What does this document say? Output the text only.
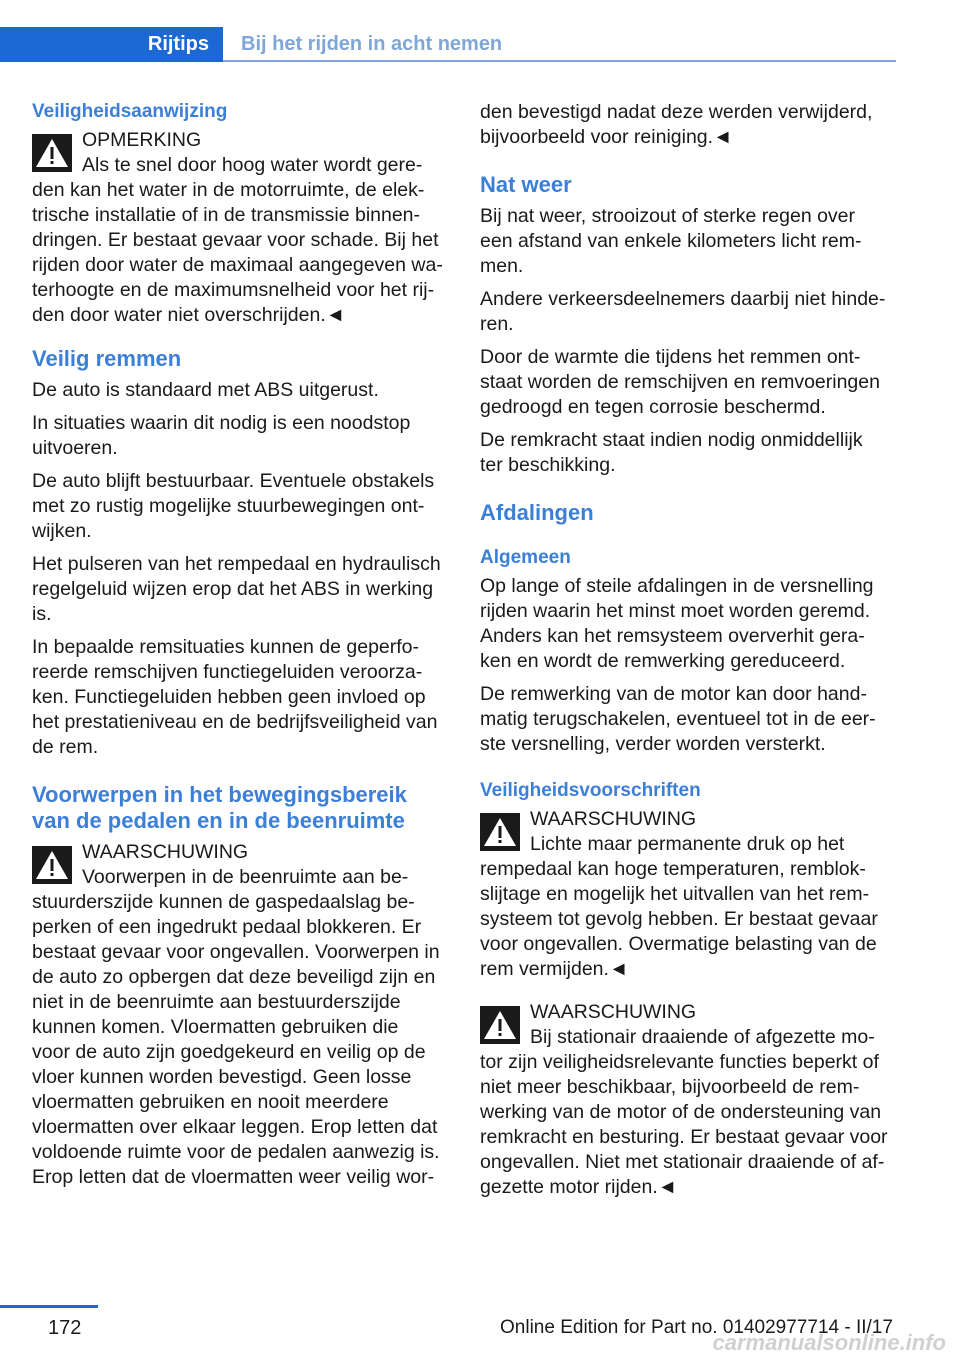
Rijtips	Bij het rijden in acht nemen
Veiligheidsaanwijzing
OPMERKING
Als te snel door hoog water wordt gere-
den kan het water in de motorruimte, de elek-
trische installatie of in de transmissie binnen-
dringen. Er bestaat gevaar voor schade. Bij het
rijden door water de maximaal aangegeven wa-
terhoogte en de maximumsnelheid voor het rij-
den door water niet overschrijden.◄
Veilig remmen

De auto is standaard met ABS uitgerust.

In situaties waarin dit nodig is een noodstop
uitvoeren.

De auto blijft bestuurbaar. Eventuele obstakels
met zo rustig mogelijke stuurbewegingen ont-
wijken.

Het pulseren van het rempedaal en hydraulisch
regelgeluid wijzen erop dat het ABS in werking
is.

In bepaalde remsituaties kunnen de geperfo-
reerde remschijven functiegeluiden veroorza-
ken. Functiegeluiden hebben geen invloed op
het prestatieniveau en de bedrijfsveiligheid van
de rem.

Voorwerpen in het bewegingsbereik
van de pedalen en in de beenruimte
WAARSCHUWING
Voorwerpen in de beenruimte aan be-
stuurderszijde kunnen de gaspedaalslag be-
perken of een ingedrukt pedaal blokkeren. Er
bestaat gevaar voor ongevallen. Voorwerpen in
de auto zo opbergen dat deze beveiligd zijn en
niet in de beenruimte aan bestuurderszijde
kunnen komen. Vloermatten gebruiken die
voor de auto zijn goedgekeurd en veilig op de
vloer kunnen worden bevestigd. Geen losse
vloermatten gebruiken en nooit meerdere
vloermatten over elkaar leggen. Erop letten dat
voldoende ruimte voor de pedalen aanwezig is.
Erop letten dat de vloermatten weer veilig wor-

den bevestigd nadat deze werden verwijderd,
bijvoorbeeld voor reiniging.◄

Nat weer

Bij nat weer, strooizout of sterke regen over
een afstand van enkele kilometers licht rem-
men.

Andere verkeersdeelnemers daarbij niet hinde-
ren.

Door de warmte die tijdens het remmen ont-
staat worden de remschijven en remvoeringen
gedroogd en tegen corrosie beschermd.

De remkracht staat indien nodig onmiddellijk
ter beschikking.

Afdalingen
Algemeen

Op lange of steile afdalingen in de versnelling
rijden waarin het minst moet worden geremd.
Anders kan het remsysteem oververhit gera-
ken en wordt de remwerking gereduceerd.

De remwerking van de motor kan door hand-
matig terugschakelen, eventueel tot in de eer-
ste versnelling, verder worden versterkt.

Veiligheidsvoorschriften
WAARSCHUWING
Lichte maar permanente druk op het
rempedaal kan hoge temperaturen, remblok-
slijtage en mogelijk het uitvallen van het rem-
systeem tot gevolg hebben. Er bestaat gevaar
voor ongevallen. Overmatige belasting van de
rem vermijden.◄
WAARSCHUWING
Bij stationair draaiende of afgezette mo-
tor zijn veiligheidsrelevante functies beperkt of
niet meer beschikbaar, bijvoorbeeld de rem-
werking van de motor of de ondersteuning van
remkracht en besturing. Er bestaat gevaar voor
ongevallen. Niet met stationair draaiende of af-
gezette motor rijden.◄
172	Online Edition for Part no. 01402977714 - II/17
carmanualsonline.info
